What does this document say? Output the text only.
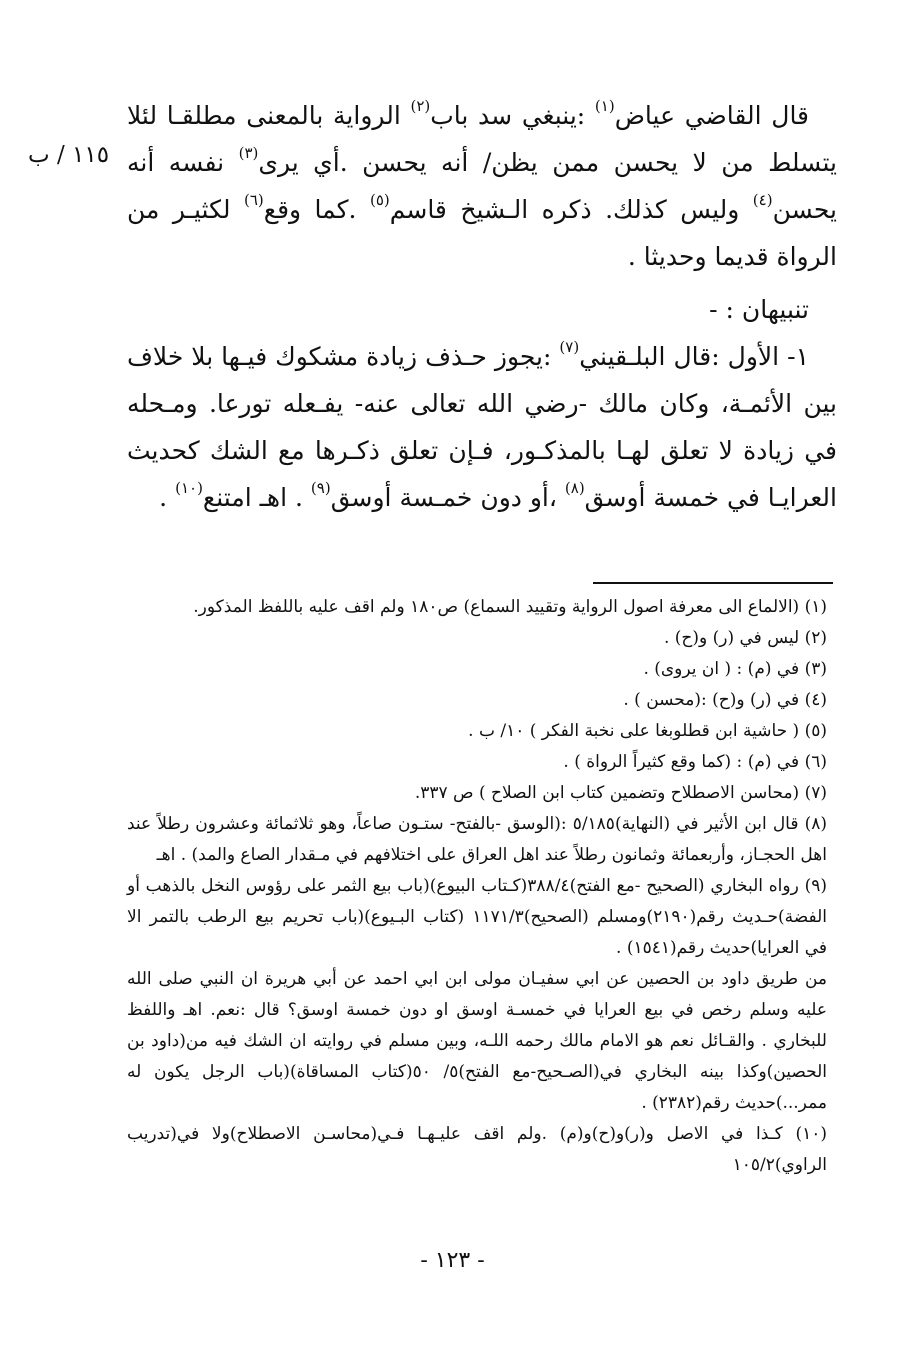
١١٥ / ب

قال القاضي عياض$^{(١)}$ :ينبغي سد باب$^{(٢)}$ الرواية بالمعنى مطلقـا لئلا يتسلط من لا يحسن ممن يظن/ أنه يحسن .أي يرى$^{(٣)}$ نفسه أنه يحسن$^{(٤)}$ وليس كذلك. ذكره الـشيخ قاسم$^{(٥)}$ .كما وقع$^{(٦)}$ لكثيـر من الرواة قديما وحديثا .

تنبيهان : -

١- الأول :قال البلـقيني$^{(٧)}$ :يجوز حـذف زيادة مشكوك فيـها بلا خلاف بين الأئمـة، وكان مالك -رضي الله تعالى عنه- يفـعله تورعا. ومـحله في زيادة لا تعلق لهـا بالمذكـور، فـإن تعلق ذكـرها مع الشك كحديث العرايـا في خمسة أوسق$^{(٨)}$ ،أو دون خمـسة أوسق$^{(٩)}$ . اهـ امتنع$^{(١٠)}$ .

(١) (الالماع الى معرفة اصول الرواية وتقييد السماع) ص١٨٠ ولم اقف عليه باللفظ المذكور.

(٢) ليس في (ر) و(ح) .

(٣) في (م) : ( ان يروى) .

(٤) في (ر) و(ح) :(محسن ) .

(٥) ( حاشية ابن قطلوبغا على نخبة الفكر ) ١٠/ ب .

(٦) في (م) : (كما وقع كثيراً الرواة ) .

(٧) (محاسن الاصطلاح وتضمين كتاب ابن الصلاح ) ص ٣٣٧.

(٨) قال ابن الأثير في (النهاية)٥/١٨٥ :(الوسق -بالفتح- ستـون صاعاً، وهو ثلاثمائة وعشرون رطلاً عند اهل الحجـاز، وأربعمائة وثمانون رطلاً عند اهل العراق على اختلافهم في مـقدار الصاع والمد) . اهـ

(٩) رواه البخاري (الصحيح -مع الفتح)٣٨٨/٤(كـتاب البيوع)(باب بيع الثمر على رؤوس النخل بالذهب أو الفضة)حـديث رقم(٢١٩٠)ومسلم (الصحيح)١١٧١/٣ (كتاب البـيوع)(باب تحريم بيع الرطب بالتمر الا في العرايا)حديث رقم(١٥٤١) .

من طريق داود بن الحصين عن ابي سفيـان مولى ابن ابي احمد عن أبي هريرة ان النبي صلى الله عليه وسلم رخص في بيع العرايا في خمسـة اوسق او دون خمسة اوسق؟ قال :نعم. اهـ واللفظ للبخاري . والقـائل نعم هو الامام مالك رحمه اللـه، وبين مسلم في روايته ان الشك فيه من(داود بن الحصين)وكذا بينه البخاري في(الصـحيح-مع الفتح)٥/ ٥٠(كتاب المساقاة)(باب الرجل يكون له ممر...)حديث رقم(٢٣٨٢) .

(١٠) كـذا في الاصل و(ر)و(ح)و(م) .ولم اقف عليـهـا فـي(محاسـن الاصطلاح)ولا في(تدريب الراوي)١٠٥/٢

- ١٢٣ -
